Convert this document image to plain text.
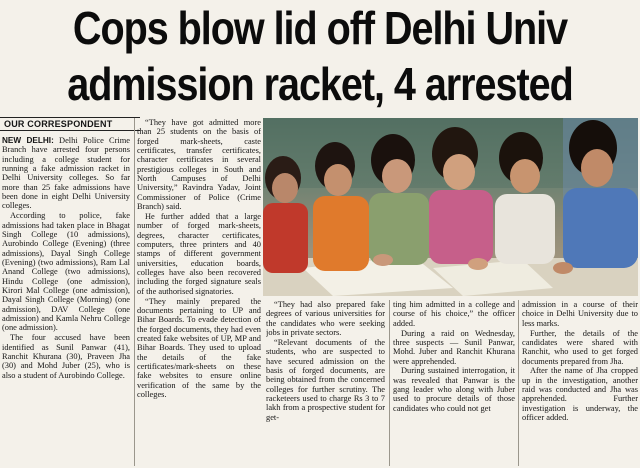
Cops blow lid off Delhi Univ
admission racket, 4 arrested
OUR CORRESPONDENT

NEW DELHI: Delhi Police Crime Branch have arrested four persons including a college student for running a fake admission racket in Delhi University colleges. So far more than 25 fake admissions have been done in eight Delhi University colleges.

According to police, fake admissions had taken place in Bhagat Singh College (10 admissions), Aurobindo College (Evening) (three admissions), Dayal Singh College (Evening) (two admissions), Ram Lal Anand College (two admissions), Hindu College (one admission), Kirori Mal College (one admission), Dayal Singh College (Morning) (one admission), DAV College (one admission) and Kamla Nehru College (one admission).

The four accused have been identified as Sunil Panwar (41), Ranchit Khurana (30), Praveen Jha (30) and Mohd Juber (25), who is also a student of Aurobindo College.

“They have got admitted more than 25 students on the basis of forged mark-sheets, caste certificates, transfer certificates, character certificates in several prestigious colleges in South and North Campuses of Delhi University,” Ravindra Yadav, Joint Commissioner of Police (Crime Branch) said.

He further added that a large number of forged mark-sheets, degrees, character certificates, computers, three printers and 40 stamps of different government universities, education boards, colleges have also been recovered including the forged signature seals of the authorised signatories.

“They mainly prepared the documents pertaining to UP and Bihar Boards. To evade detection of the forged documents, they had even created fake websites of UP, MP and Bihar Boards. They used to upload the details of the fake certificates/mark-sheets on these fake websites to ensure online verification of the same by the colleges.

“They had also prepared fake degrees of various universities for the candidates who were seeking jobs in private sectors.

“Relevant documents of the students, who are suspected to have secured admission on the basis of forged documents, are being obtained from the concerned colleges for further scrutiny. The racketeers used to charge Rs 3 to 7 lakh from a prospective student for get-

ting him admitted in a college and course of his choice,” the officer added.

During a raid on Wednesday, three suspects — Sunil Panwar, Mohd. Juber and Ranchit Khurana were apprehended.

During sustained interrogation, it was revealed that Panwar is the gang leader who along with Juber used to procure details of those candidates who could not get

admission in a course of their choice in Delhi University due to less marks.

Further, the details of the candidates were shared with Ranchit, who used to get forged documents prepared from Jha.

After the name of Jha cropped up in the investigation, another raid was conducted and Jha was apprehended. Further investigation is underway, the officer added.
